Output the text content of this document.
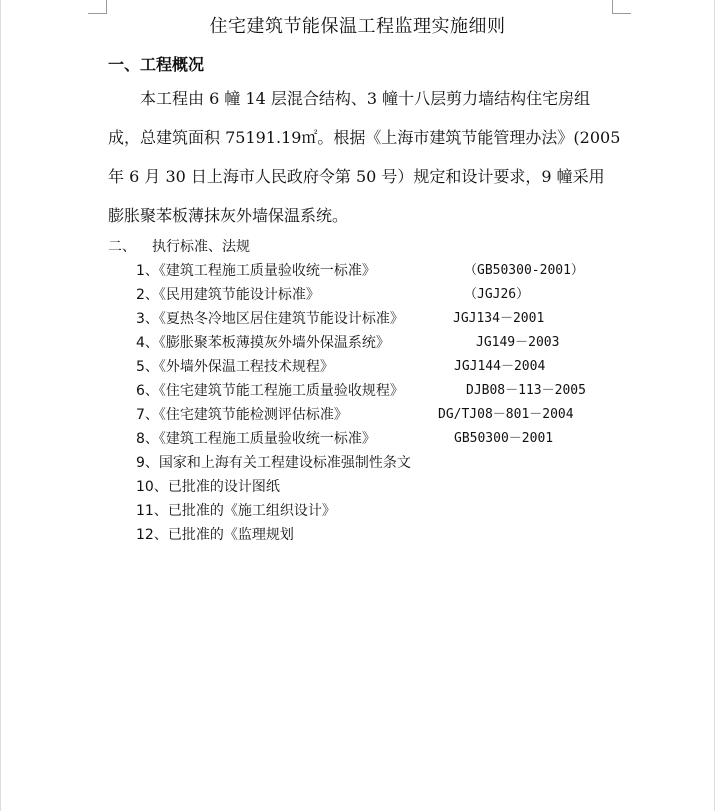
住宅建筑节能保温工程监理实施细则
一、工程概况
本工程由 6 幢 14 层混合结构、3 幢十八层剪力墙结构住宅房组
成，总建筑面积 75191.19㎡。根据《上海市建筑节能管理办法》(2005
年 6 月 30 日上海市人民政府令第 50 号）规定和设计要求，9 幢采用
膨胀聚苯板薄抹灰外墙保温系统。
二、 执行标准、法规
1、《建筑工程施工质量验收统一标准》	（GB50300-2001）
2、《民用建筑节能设计标准》	（JGJ26）
3、《夏热冬冷地区居住建筑节能设计标准》	JGJ134－2001
4、《膨胀聚苯板薄摸灰外墙外保温系统》	JG149－2003
5、《外墙外保温工程技术规程》	JGJ144－2004
6、《住宅建筑节能工程施工质量验收规程》	DJB08－113－2005
7、《住宅建筑节能检测评估标准》	DG/TJ08－801－2004
8、《建筑工程施工质量验收统一标准》	GB50300－2001
9、国家和上海有关工程建设标准强制性条文
10、已批准的设计图纸
11、已批准的《施工组织设计》
12、已批准的《监理规划
